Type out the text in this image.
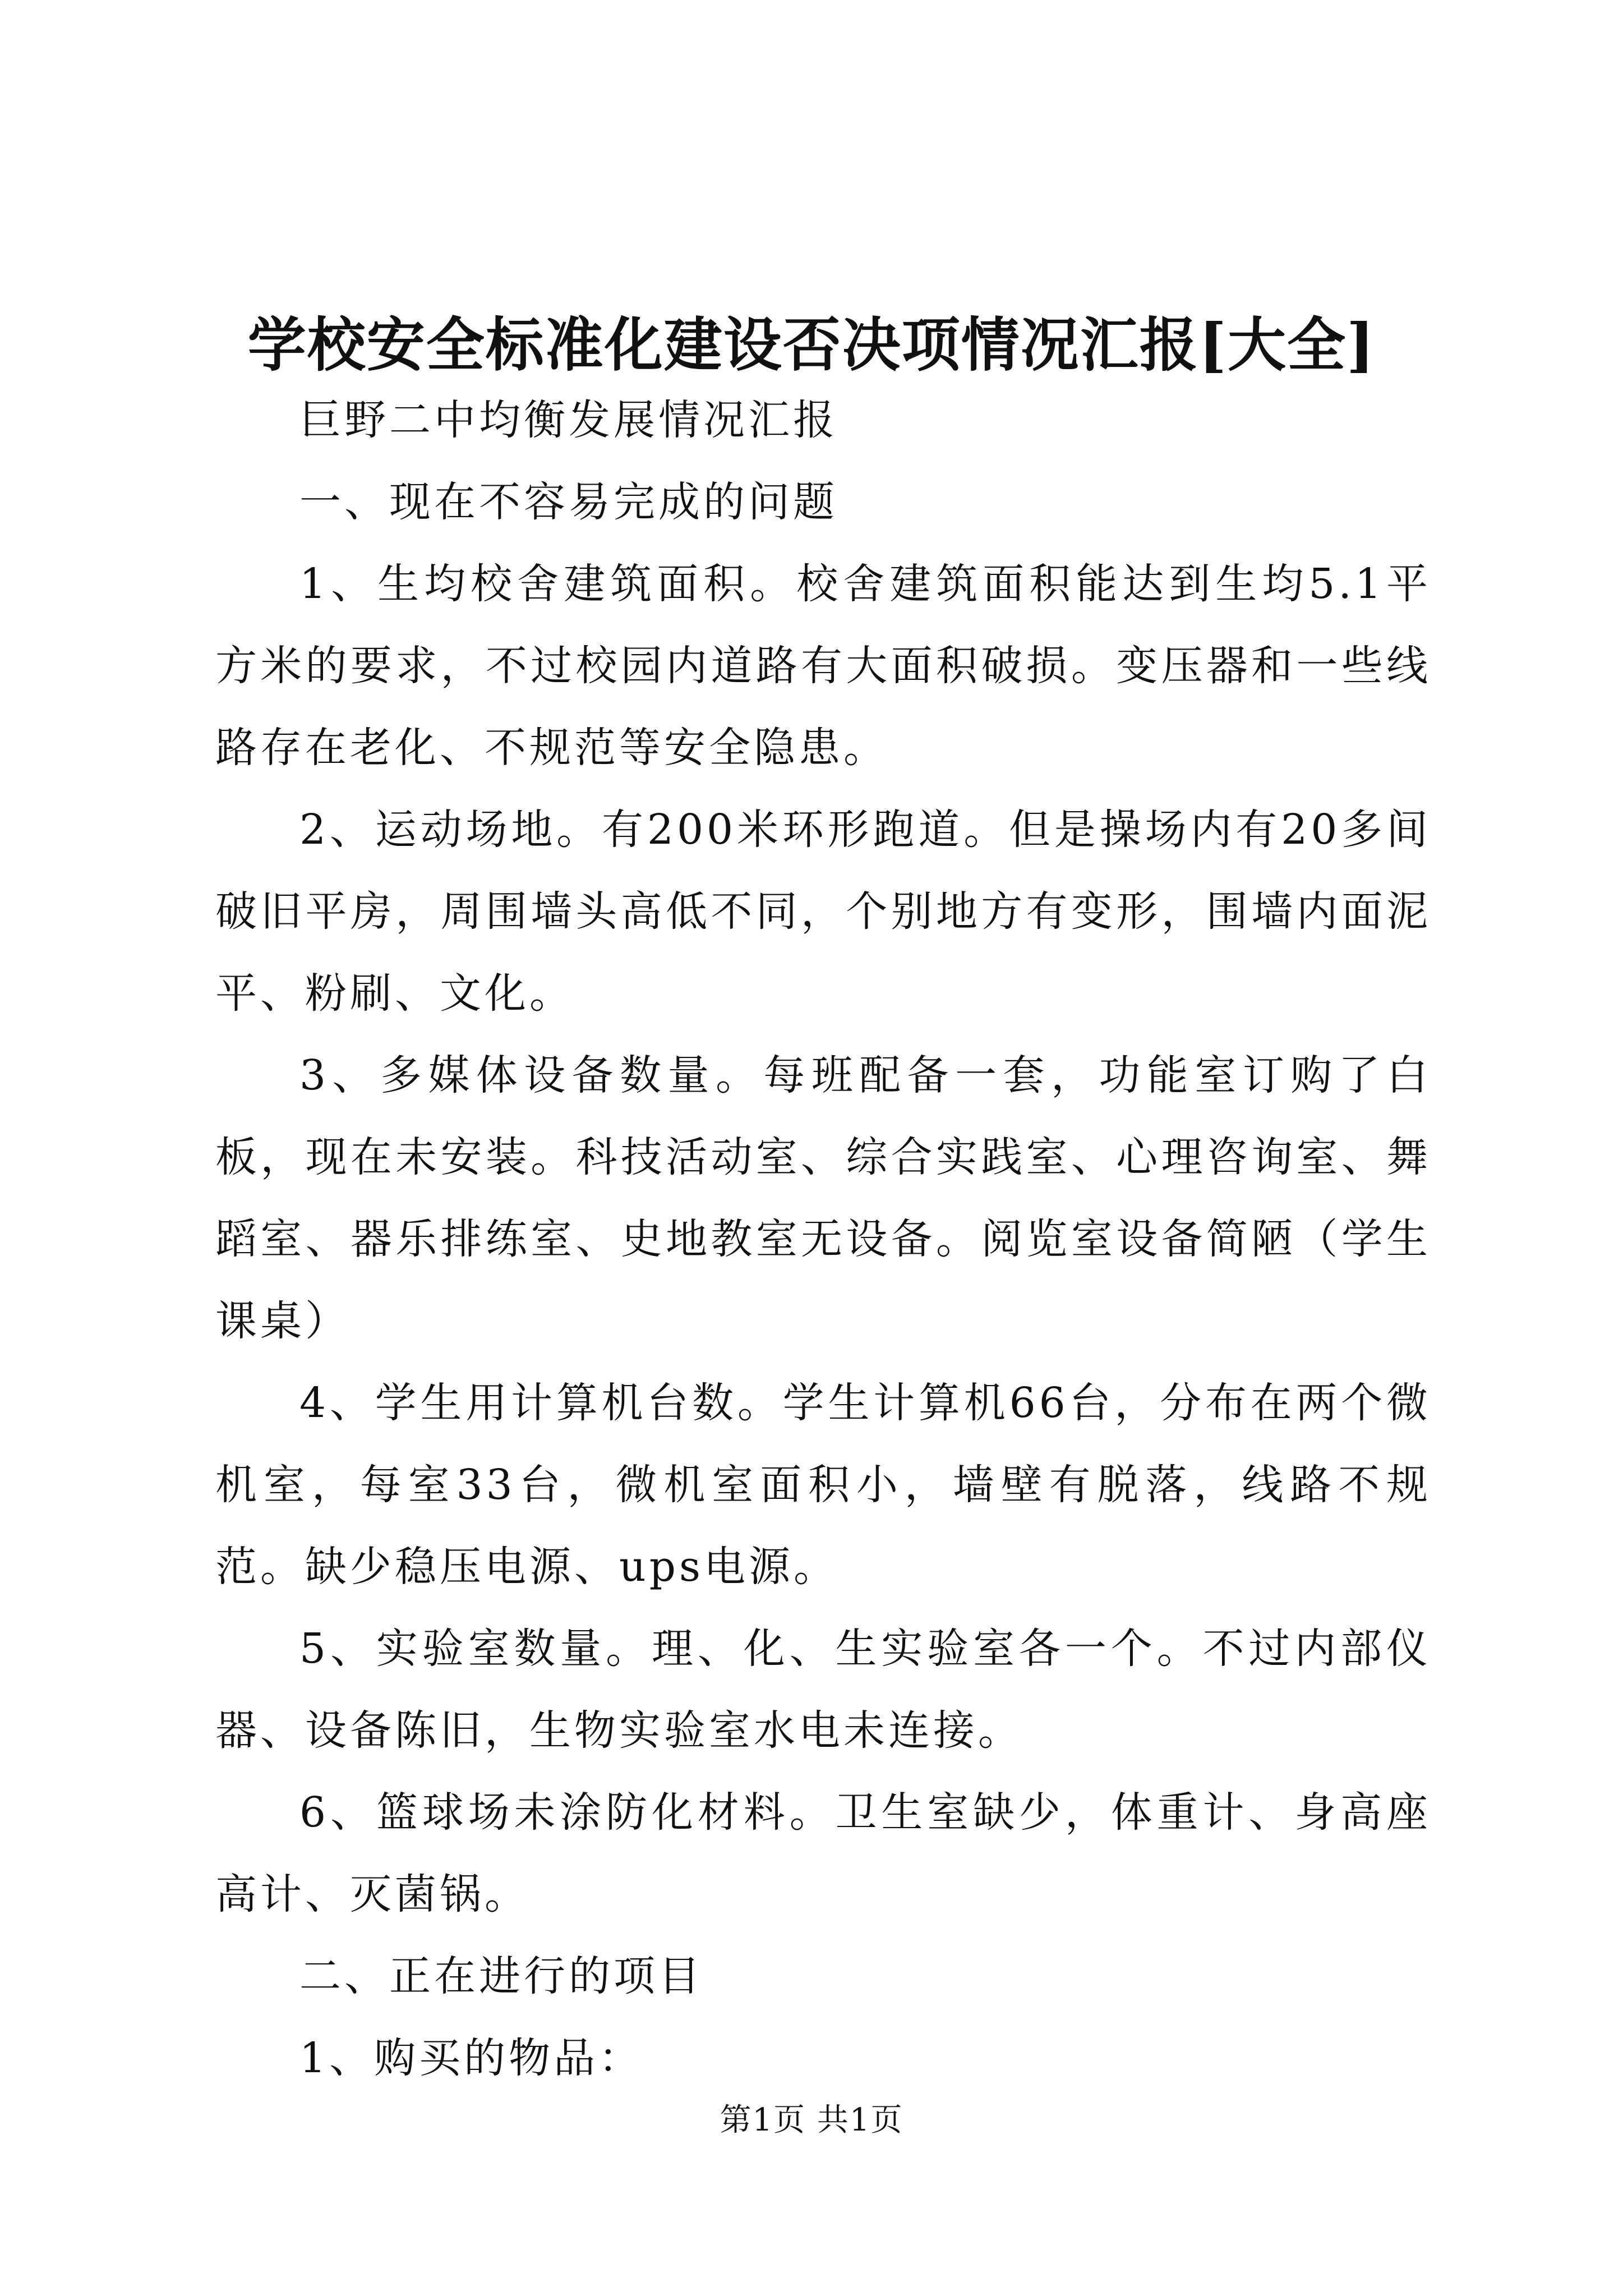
学校安全标准化建设否决项情况汇报[大全]

巨野二中均衡发展情况汇报

一、现在不容易完成的问题

1、生均校舍建筑面积。校舍建筑面积能达到生均5.1平方米的要求，不过校园内道路有大面积破损。变压器和一些线路存在老化、不规范等安全隐患。

2、运动场地。有200米环形跑道。但是操场内有20多间破旧平房，周围墙头高低不同，个别地方有变形，围墙内面泥平、粉刷、文化。

3、多媒体设备数量。每班配备一套，功能室订购了白板，现在未安装。科技活动室、综合实践室、心理咨询室、舞蹈室、器乐排练室、史地教室无设备。阅览室设备简陋（学生课桌）

4、学生用计算机台数。学生计算机66台，分布在两个微机室，每室33台，微机室面积小，墙壁有脱落，线路不规范。缺少稳压电源、ups电源。

5、实验室数量。理、化、生实验室各一个。不过内部仪器、设备陈旧，生物实验室水电未连接。

6、篮球场未涂防化材料。卫生室缺少，体重计、身高座高计、灭菌锅。

二、正在进行的项目

1、购买的物品：

第1页 共1页
